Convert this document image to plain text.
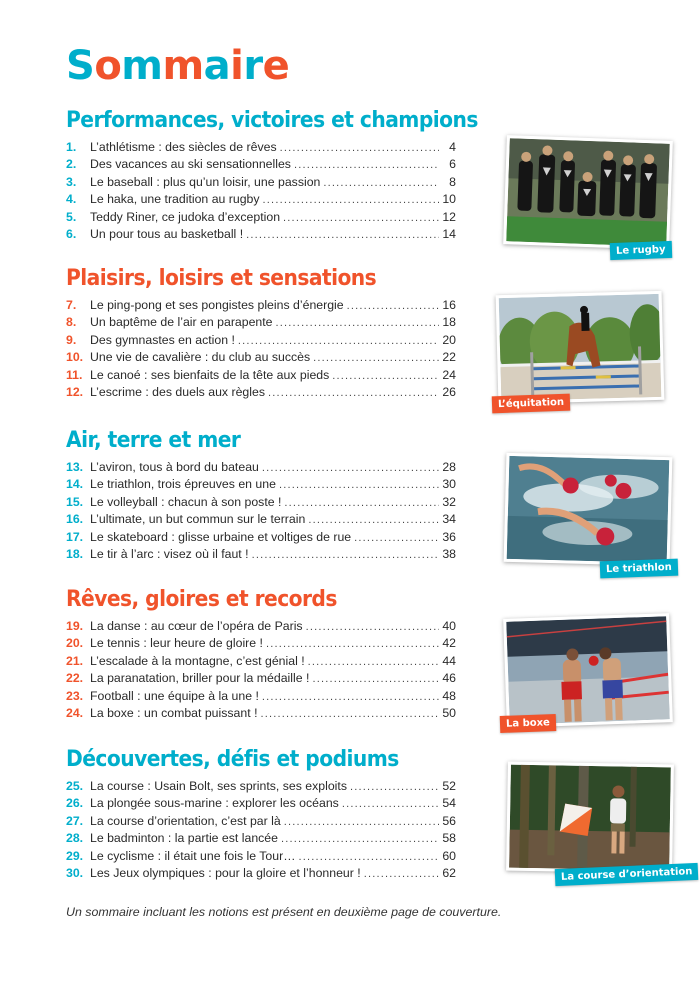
Sommaire
Performances, victoires et champions
1.	L’athlétisme : des siècles de rêves .....	4
2.	Des vacances au ski sensationnelles .....	6
3.	Le baseball : plus qu’un loisir, une passion .....	8
4.	Le haka, une tradition au rugby .....	10
5.	Teddy Riner, ce judoka d’exception .....	12
6.	Un pour tous au basketball ! .....	14
Le rugby
Plaisirs, loisirs et sensations
7.	Le ping-pong et ses pongistes pleins d’énergie .....	16
8.	Un baptême de l’air en parapente .....	18
9.	Des gymnastes en action ! .....	20
10. Une vie de cavalière : du club au succès .....	22
11. Le canoé : ses bienfaits de la tête aux pieds .....	24
12. L’escrime : des duels aux règles .....	26
L’équitation
Air, terre et mer
13. L’aviron, tous à bord du bateau .....	28
14. Le triathlon, trois épreuves en une .....	30
15. Le volleyball : chacun à son poste ! .....	32
16. L’ultimate, un but commun sur le terrain .....	34
17. Le skateboard : glisse urbaine et voltiges de rue .....	36
18. Le tir à l’arc : visez où il faut ! .....	38
Le triathlon
Rêves, gloires et records
19. La danse : au cœur de l’opéra de Paris .....	40
20. Le tennis : leur heure de gloire ! .....	42
21. L’escalade à la montagne, c’est génial ! .....	44
22. La paranatation, briller pour la médaille ! .....	46
23. Football : une équipe à la une ! .....	48
24. La boxe : un combat puissant ! .....	50
La boxe
Découvertes, défis et podiums
25. La course : Usain Bolt, ses sprints, ses exploits .....	52
26. La plongée sous-marine : explorer les océans .....	54
27. La course d’orientation, c’est par là .....	56
28. Le badminton : la partie est lancée .....	58
29. Le cyclisme : il était une fois le Tour… .....	60
30. Les Jeux olympiques : pour la gloire et l’honneur ! .....	62	La course d’orientation

Un sommaire incluant les notions est présent en deuxième page de couverture.
